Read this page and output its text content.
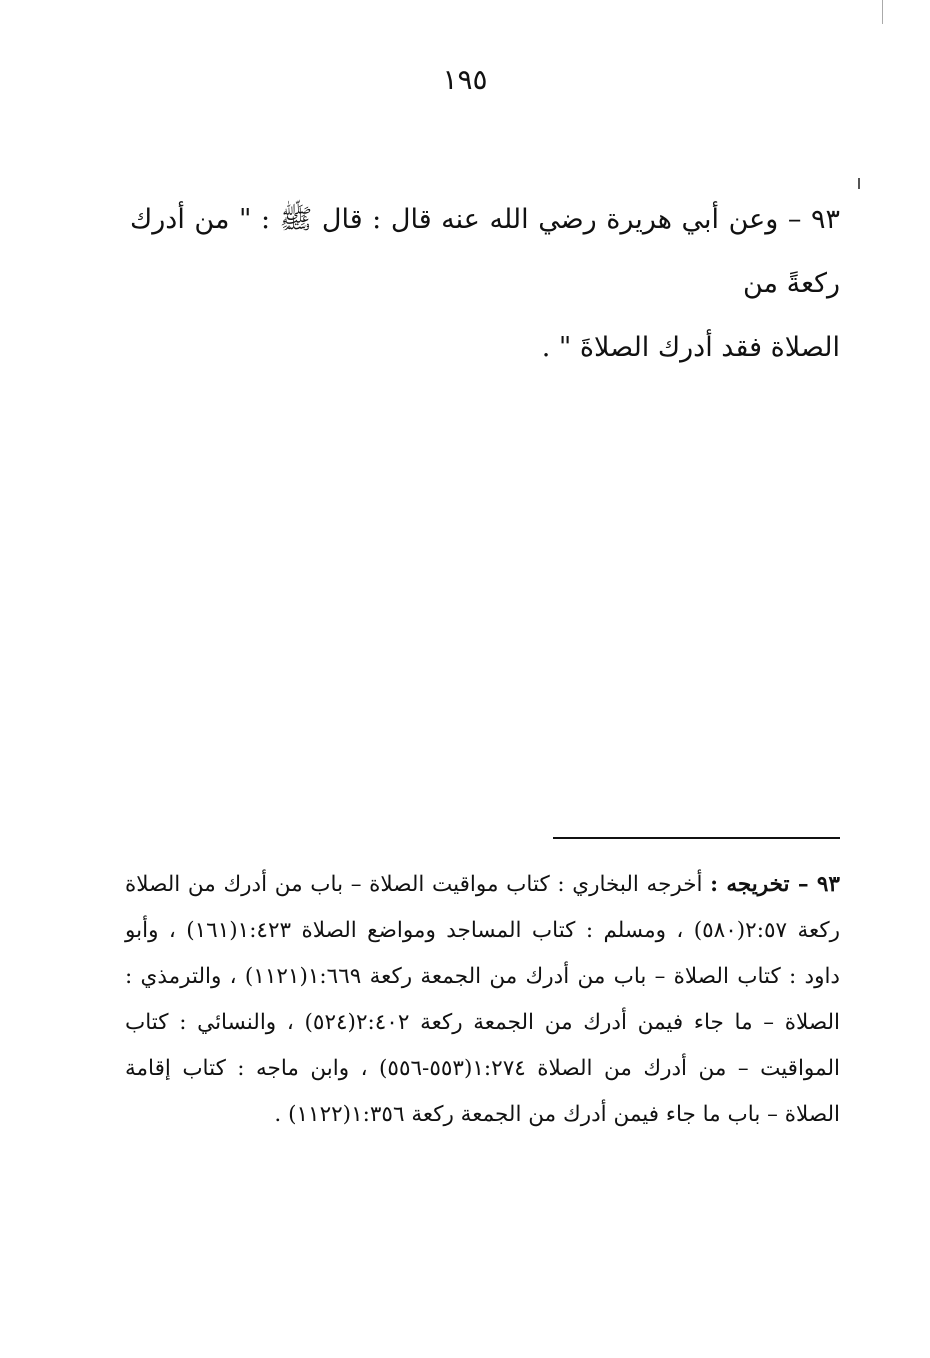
١٩٥

٩٣ – وعن أبي هريرة رضي الله عنه قال : قال ﷺ : " من أدرك ركعةً من

الصلاة فقد أدرك الصلاةَ " .

٩٣ – تخريجه : أخرجه البخاري : كتاب مواقيت الصلاة – باب من أدرك من الصلاة ركعة ٢:٥٧(٥٨٠) ، ومسلم : كتاب المساجد ومواضع الصلاة ١:٤٢٣(١٦١) ، وأبو داود : كتاب الصلاة – باب من أدرك من الجمعة ركعة ١:٦٦٩(١١٢١) ، والترمذي : الصلاة – ما جاء فيمن أدرك من الجمعة ركعة ٢:٤٠٢(٥٢٤) ، والنسائي : كتاب المواقيت – من أدرك من الصلاة ١:٢٧٤(٥٥٣-٥٥٦) ، وابن ماجه : كتاب إقامة الصلاة – باب ما جاء فيمن أدرك من الجمعة ركعة ١:٣٥٦(١١٢٢) .
